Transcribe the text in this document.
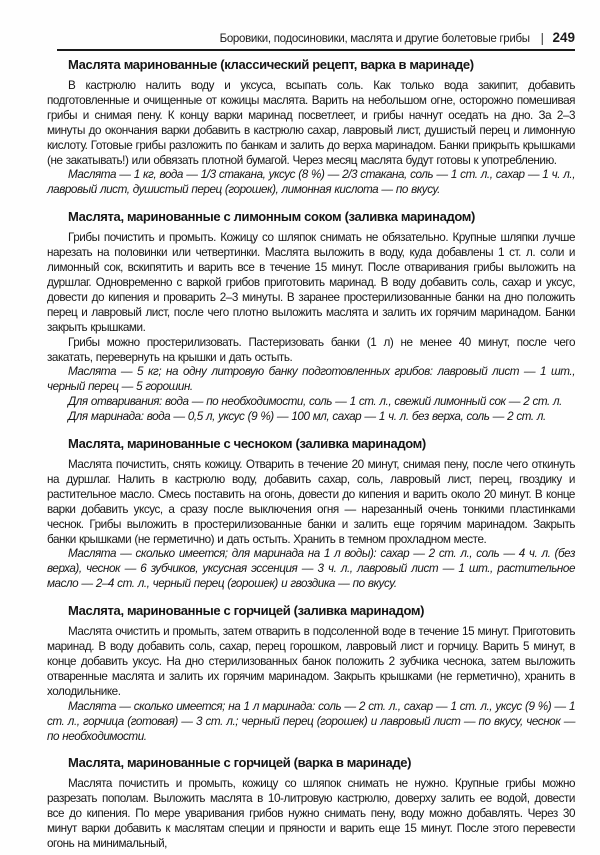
Боровики, подосиновики, маслята и другие болетовые грибы | 249
Маслята маринованные (классический рецепт, варка в маринаде)

В кастрюлю налить воду и уксуса, всыпать соль. Как только вода закипит, добавить подготовленные и очищенные от кожицы маслята. Варить на небольшом огне, осторожно помешивая грибы и снимая пену. К концу варки маринад посветлеет, и грибы начнут оседать на дно. За 2–3 минуты до окончания варки добавить в кастрюлю сахар, лавровый лист, душистый перец и лимонную кислоту. Готовые грибы разложить по банкам и залить до верха маринадом. Банки прикрыть крышками (не закатывать!) или обвязать плотной бумагой. Через месяц маслята будут готовы к употреблению.

Маслята — 1 кг, вода — 1/3 стакана, уксус (8 %) — 2/3 стакана, соль — 1 ст. л., сахар — 1 ч. л., лавровый лист, душистый перец (горошек), лимонная кислота — по вкусу.

Маслята, маринованные с лимонным соком (заливка маринадом)

Грибы почистить и промыть. Кожицу со шляпок снимать не обязательно. Крупные шляпки лучше нарезать на половинки или четвертинки. Маслята выложить в воду, куда добавлены 1 ст. л. соли и лимонный сок, вскипятить и варить все в течение 15 минут. После отваривания грибы выложить на дуршлаг. Одновременно с варкой грибов приготовить маринад. В воду добавить соль, сахар и уксус, довести до кипения и проварить 2–3 минуты. В заранее простерилизованные банки на дно положить перец и лавровый лист, после чего плотно выложить маслята и залить их горячим маринадом. Банки закрыть крышками.

Грибы можно простерилизовать. Пастеризовать банки (1 л) не менее 40 минут, после чего закатать, перевернуть на крышки и дать остыть.

Маслята — 5 кг; на одну литровую банку подготовленных грибов: лавровый лист — 1 шт., черный перец — 5 горошин.

Для отваривания: вода — по необходимости, соль — 1 ст. л., свежий лимонный сок — 2 ст. л.

Для маринада: вода — 0,5 л, уксус (9 %) — 100 мл, сахар — 1 ч. л. без верха, соль — 2 ст. л.

Маслята, маринованные с чесноком (заливка маринадом)

Маслята почистить, снять кожицу. Отварить в течение 20 минут, снимая пену, после чего откинуть на дуршлаг. Налить в кастрюлю воду, добавить сахар, соль, лавровый лист, перец, гвоздику и растительное масло. Смесь поставить на огонь, довести до кипения и варить около 20 минут. В конце варки добавить уксус, а сразу после выключения огня — нарезанный очень тонкими пластинками чеснок. Грибы выложить в простерилизованные банки и залить еще горячим маринадом. Закрыть банки крышками (не герметично) и дать остыть. Хранить в темном прохладном месте.

Маслята — сколько имеется; для маринада на 1 л воды): сахар — 2 ст. л., соль — 4 ч. л. (без верха), чеснок — 6 зубчиков, уксусная эссенция — 3 ч. л., лавровый лист — 1 шт., растительное масло — 2–4 ст. л., черный перец (горошек) и гвоздика — по вкусу.

Маслята, маринованные с горчицей (заливка маринадом)

Маслята очистить и промыть, затем отварить в подсоленной воде в течение 15 минут. Приготовить маринад. В воду добавить соль, сахар, перец горошком, лавровый лист и горчицу. Варить 5 минут, в конце добавить уксус. На дно стерилизованных банок положить 2 зубчика чеснока, затем выложить отваренные маслята и залить их горячим маринадом. Закрыть крышками (не герметично), хранить в холодильнике.

Маслята — сколько имеется; на 1 л маринада: соль — 2 ст. л., сахар — 1 ст. л., уксус (9 %) — 1 ст. л., горчица (готовая) — 3 ст. л.; черный перец (горошек) и лавровый лист — по вкусу, чеснок — по необходимости.

Маслята, маринованные с горчицей (варка в маринаде)

Маслята почистить и промыть, кожицу со шляпок снимать не нужно. Крупные грибы можно разрезать пополам. Выложить маслята в 10-литровую кастрюлю, доверху залить ее водой, довести все до кипения. По мере уваривания грибов нужно снимать пену, воду можно добавлять. Через 30 минут варки добавить к маслятам специи и пряности и варить еще 15 минут. После этого перевести огонь на минимальный,
